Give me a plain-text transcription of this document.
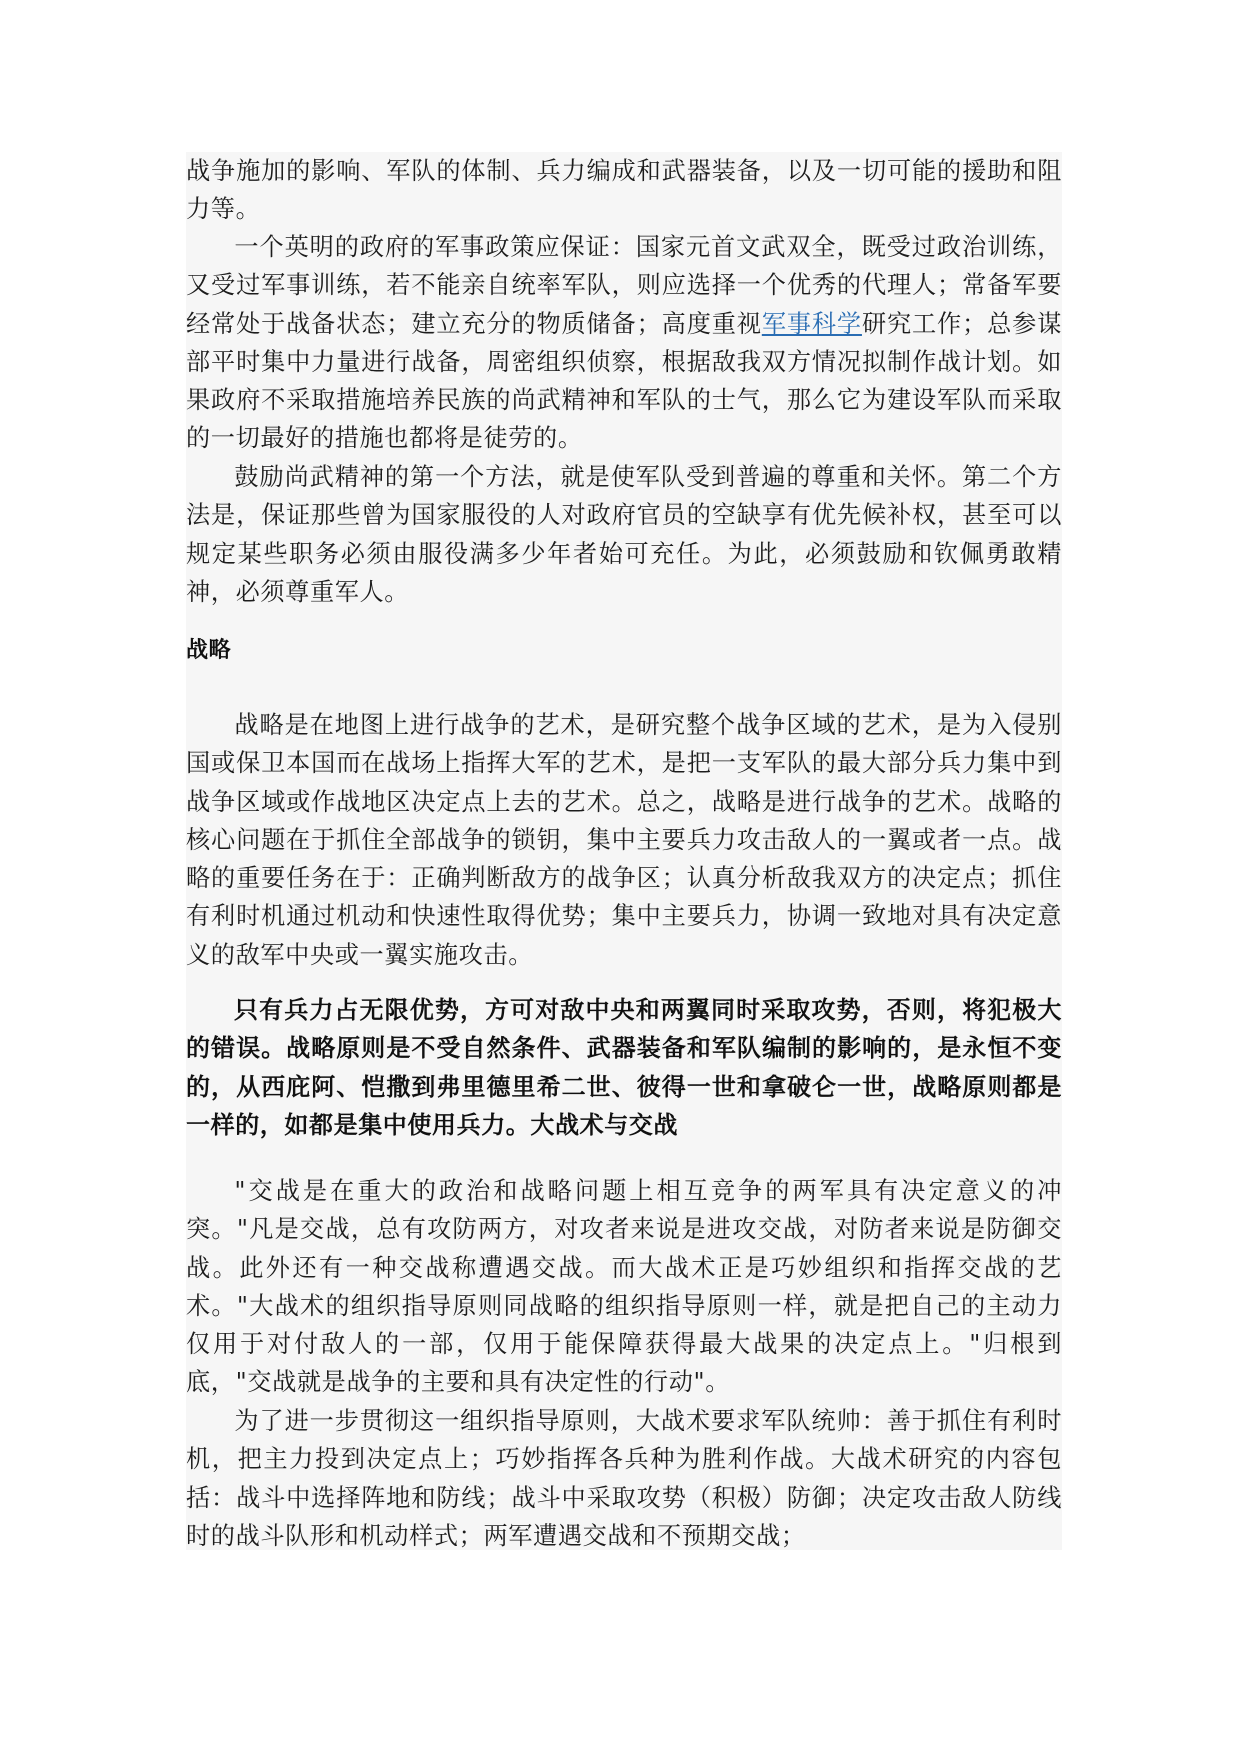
战争施加的影响、军队的体制、兵力编成和武器装备，以及一切可能的援助和阻力等。

一个英明的政府的军事政策应保证：国家元首文武双全，既受过政治训练，又受过军事训练，若不能亲自统率军队，则应选择一个优秀的代理人；常备军要经常处于战备状态；建立充分的物质储备；高度重视军事科学研究工作；总参谋部平时集中力量进行战备，周密组织侦察，根据敌我双方情况拟制作战计划。如果政府不采取措施培养民族的尚武精神和军队的士气，那么它为建设军队而采取的一切最好的措施也都将是徒劳的。

鼓励尚武精神的第一个方法，就是使军队受到普遍的尊重和关怀。第二个方法是，保证那些曾为国家服役的人对政府官员的空缺享有优先候补权，甚至可以规定某些职务必须由服役满多少年者始可充任。为此，必须鼓励和钦佩勇敢精神，必须尊重军人。

战略

战略是在地图上进行战争的艺术，是研究整个战争区域的艺术，是为入侵别国或保卫本国而在战场上指挥大军的艺术，是把一支军队的最大部分兵力集中到战争区域或作战地区决定点上去的艺术。总之，战略是进行战争的艺术。战略的核心问题在于抓住全部战争的锁钥，集中主要兵力攻击敌人的一翼或者一点。战略的重要任务在于：正确判断敌方的战争区；认真分析敌我双方的决定点；抓住有利时机通过机动和快速性取得优势；集中主要兵力，协调一致地对具有决定意义的敌军中央或一翼实施攻击。

只有兵力占无限优势，方可对敌中央和两翼同时采取攻势，否则，将犯极大的错误。战略原则是不受自然条件、武器装备和军队编制的影响的，是永恒不变的，从西庇阿、恺撒到弗里德里希二世、彼得一世和拿破仑一世，战略原则都是一样的，如都是集中使用兵力。大战术与交战

"交战是在重大的政治和战略问题上相互竞争的两军具有决定意义的冲突。"凡是交战，总有攻防两方，对攻者来说是进攻交战，对防者来说是防御交战。此外还有一种交战称遭遇交战。而大战术正是巧妙组织和指挥交战的艺术。"大战术的组织指导原则同战略的组织指导原则一样，就是把自己的主动力仅用于对付敌人的一部，仅用于能保障获得最大战果的决定点上。"归根到底，"交战就是战争的主要和具有决定性的行动"。

为了进一步贯彻这一组织指导原则，大战术要求军队统帅：善于抓住有利时机，把主力投到决定点上；巧妙指挥各兵种为胜利作战。大战术研究的内容包括：战斗中选择阵地和防线；战斗中采取攻势（积极）防御；决定攻击敌人防线时的战斗队形和机动样式；两军遭遇交战和不预期交战；
